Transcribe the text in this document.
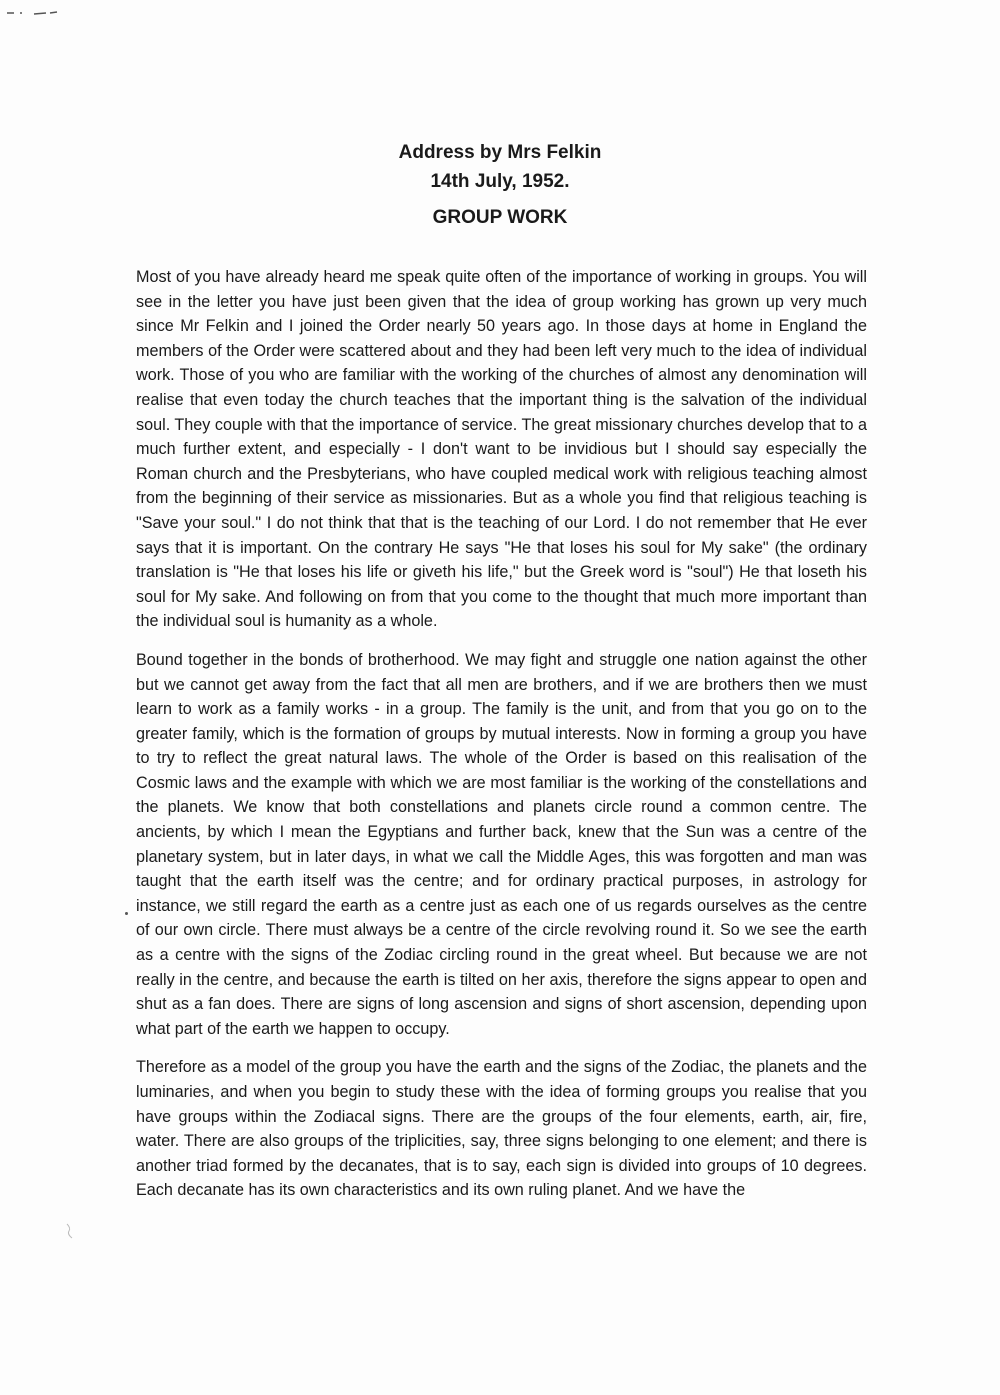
Address by Mrs Felkin
14th July, 1952.
GROUP WORK

Most of you have already heard me speak quite often of the importance of working in groups. You will see in the letter you have just been given that the idea of group working has grown up very much since Mr Felkin and I joined the Order nearly 50 years ago. In those days at home in England the members of the Order were scattered about and they had been left very much to the idea of individual work. Those of you who are familiar with the working of the churches of almost any denomination will realise that even today the church teaches that the important thing is the salvation of the individual soul. They couple with that the importance of service. The great missionary churches develop that to a much further extent, and especially - I don't want to be invidious but I should say especially the Roman church and the Presbyterians, who have coupled medical work with religious teaching almost from the beginning of their service as missionaries. But as a whole you find that religious teaching is "Save your soul." I do not think that that is the teaching of our Lord. I do not remember that He ever says that it is important. On the contrary He says "He that loses his soul for My sake" (the ordinary translation is "He that loses his life or giveth his life," but the Greek word is "soul") He that loseth his soul for My sake. And following on from that you come to the thought that much more important than the individual soul is humanity as a whole.

Bound together in the bonds of brotherhood. We may fight and struggle one nation against the other but we cannot get away from the fact that all men are brothers, and if we are brothers then we must learn to work as a family works - in a group. The family is the unit, and from that you go on to the greater family, which is the formation of groups by mutual interests. Now in forming a group you have to try to reflect the great natural laws. The whole of the Order is based on this realisation of the Cosmic laws and the example with which we are most familiar is the working of the constellations and the planets. We know that both constellations and planets circle round a common centre. The ancients, by which I mean the Egyptians and further back, knew that the Sun was a centre of the planetary system, but in later days, in what we call the Middle Ages, this was forgotten and man was taught that the earth itself was the centre; and for ordinary practical purposes, in astrology for instance, we still regard the earth as a centre just as each one of us regards ourselves as the centre of our own circle. There must always be a centre of the circle revolving round it. So we see the earth as a centre with the signs of the Zodiac circling round in the great wheel. But because we are not really in the centre, and because the earth is tilted on her axis, therefore the signs appear to open and shut as a fan does. There are signs of long ascension and signs of short ascension, depending upon what part of the earth we happen to occupy.

Therefore as a model of the group you have the earth and the signs of the Zodiac, the planets and the luminaries, and when you begin to study these with the idea of forming groups you realise that you have groups within the Zodiacal signs. There are the groups of the four elements, earth, air, fire, water. There are also groups of the triplicities, say, three signs belonging to one element; and there is another triad formed by the decanates, that is to say, each sign is divided into groups of 10 degrees. Each decanate has its own characteristics and its own ruling planet. And we have the
